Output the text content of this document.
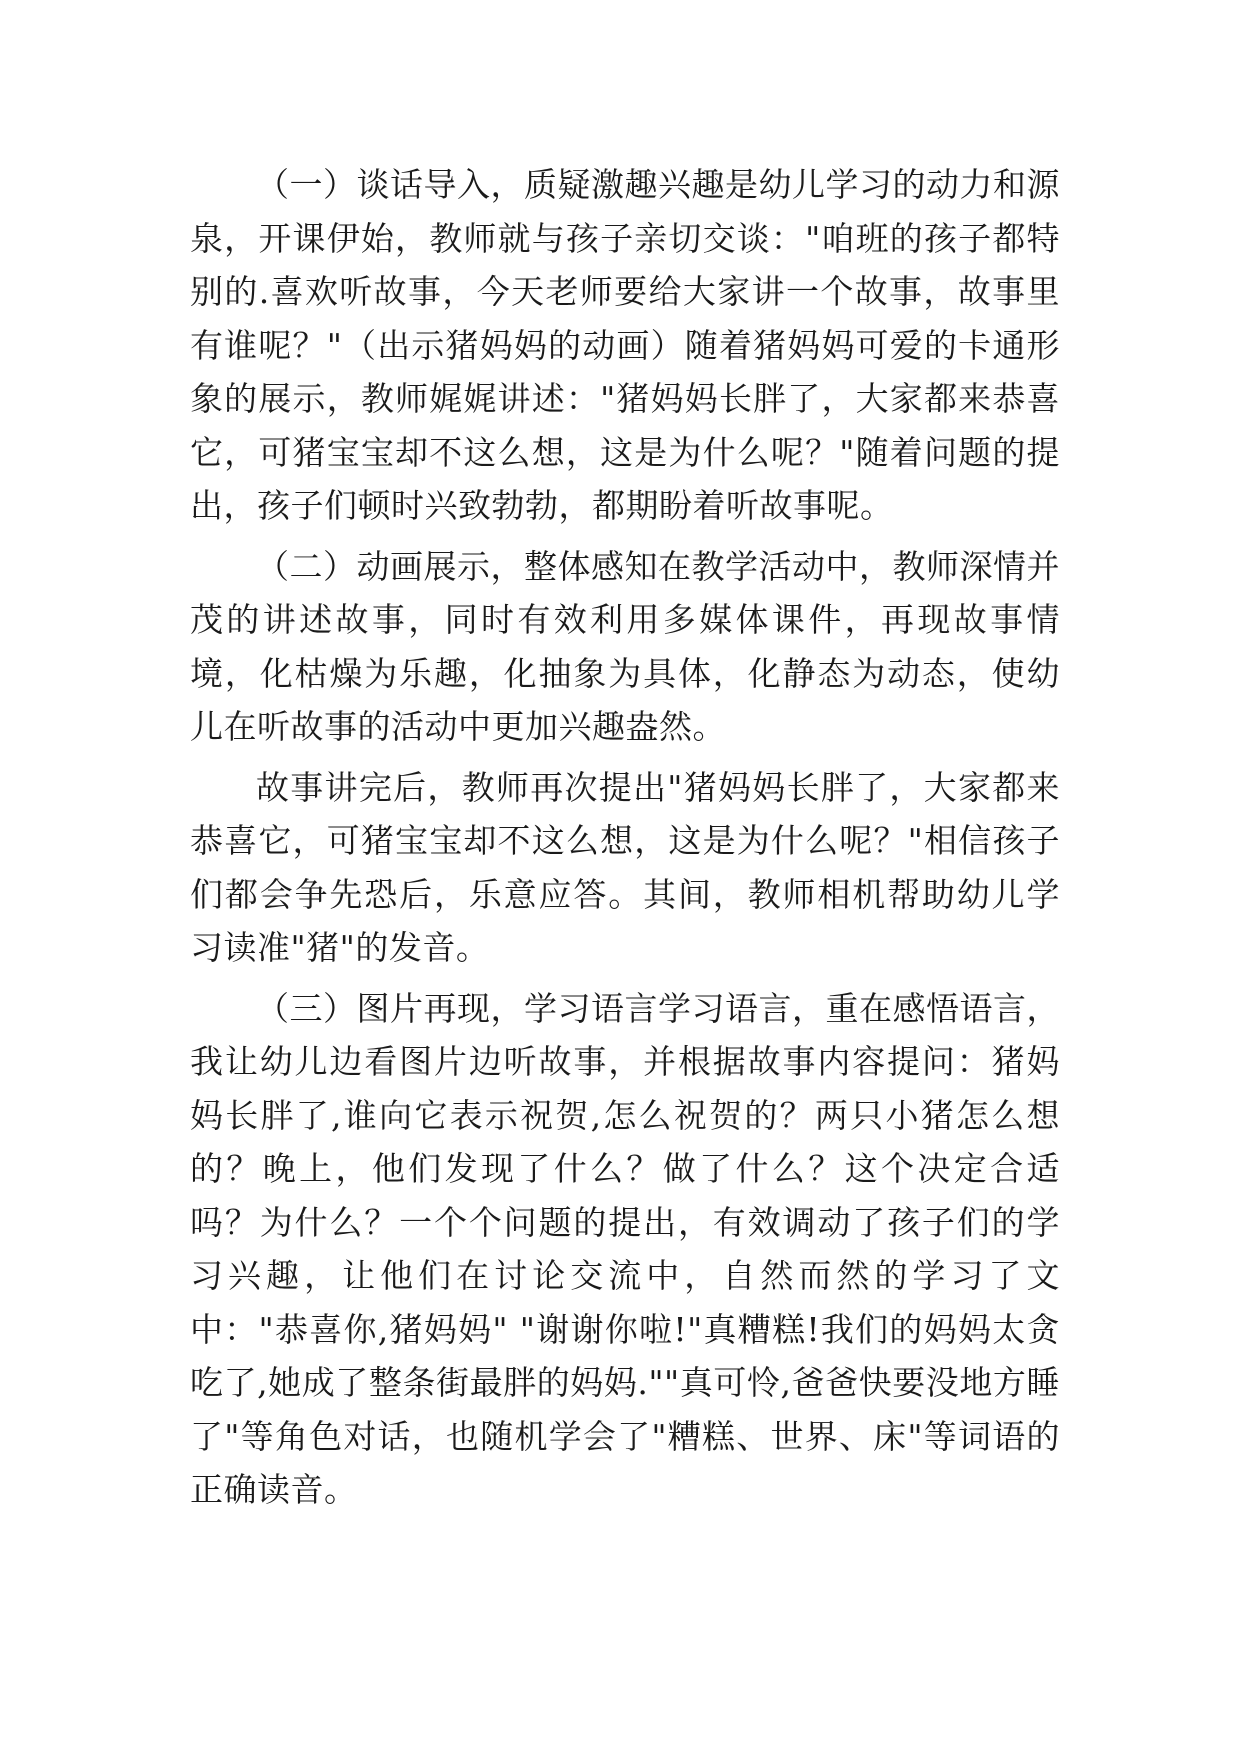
（一）谈话导入，质疑激趣兴趣是幼儿学习的动力和源泉，开课伊始，教师就与孩子亲切交谈："咱班的孩子都特别的.喜欢听故事，今天老师要给大家讲一个故事，故事里有谁呢？"（出示猪妈妈的动画）随着猪妈妈可爱的卡通形象的展示，教师娓娓讲述："猪妈妈长胖了，大家都来恭喜它，可猪宝宝却不这么想，这是为什么呢？"随着问题的提出，孩子们顿时兴致勃勃，都期盼着听故事呢。

（二）动画展示，整体感知在教学活动中，教师深情并茂的讲述故事，同时有效利用多媒体课件，再现故事情境，化枯燥为乐趣，化抽象为具体，化静态为动态，使幼儿在听故事的活动中更加兴趣盎然。

故事讲完后，教师再次提出"猪妈妈长胖了，大家都来恭喜它，可猪宝宝却不这么想，这是为什么呢？"相信孩子们都会争先恐后，乐意应答。其间，教师相机帮助幼儿学习读准"猪"的发音。

（三）图片再现，学习语言学习语言，重在感悟语言，我让幼儿边看图片边听故事，并根据故事内容提问：猪妈妈长胖了,谁向它表示祝贺,怎么祝贺的？两只小猪怎么想的？晚上，他们发现了什么？做了什么？这个决定合适吗？为什么？一个个问题的提出，有效调动了孩子们的学习兴趣，让他们在讨论交流中，自然而然的学习了文中："恭喜你,猪妈妈" "谢谢你啦!"真糟糕!我们的妈妈太贪吃了,她成了整条街最胖的妈妈.""真可怜,爸爸快要没地方睡了"等角色对话，也随机学会了"糟糕、世界、床"等词语的正确读音。
